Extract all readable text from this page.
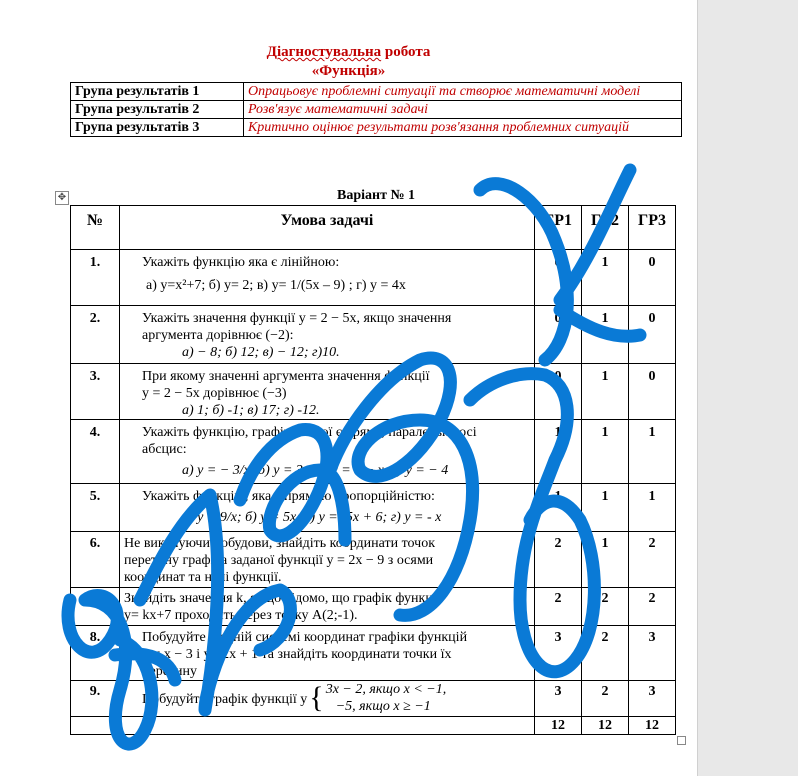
Діагностувальна робота
«Функція»
Група результатів 1	Опрацьовує проблемні ситуації та створює математичні моделі
Група результатів 2	Розв'язує математичні задачі
Група результатів 3	Критично оцінює результати розв'язання проблемних ситуацій
✥	Варіант № 1
№	Умова задачі	ГР1	ГР2	ГР3
1.	Укажіть функцію яка є лінійною:
а) у=х²+7; б) у= 2; в) у= 1/(5х – 9) ; г) у = 4х	0	1	0
2.	Укажіть значення функції y = 2 − 5x, якщо значення
аргумента дорівнює (−2):
а) − 8; б) 12; в) − 12; г)10.	0	1	0
3.	При якому значенні аргумента значення функції
y = 2 − 5x дорівнює (−3)
а) 1; б) -1; в) 17; г) -12.	0	1	0
4.	Укажіть функцію, графіком якої є пряма, паралельна осі
абсцис:
а) y = − 3/x; б) y = 3x; в) y = 6 − x; г) y = − 4	1	1	1
5.	Укажіть функцію, яка є прямою пропорційністю:
а) у = 9/x; б) у = 5х; в) у = -5х + 6; г) у = - х	1	1	1
6.	Не виконуючи побудови, знайдіть координати точок
перетину графіка заданої функції y = 2x − 9 з осями
координат та нулі функції.	2	1	2
7.	Знайдіть значення k, якщо відомо, що графік функції
у= kх+7 проходить через точку А(2;-1).	2	2	2
8.	Побудуйте в одній системі координат графіки функцій
у = х − 3 і у= 2х + 1 та знайдіть координати точки їх
перетину	3	2	3
9.	Побудуйте графік функції y { 3x − 2, якщо x < −1,
−5, якщо x ≥ −1	3	2	3
		12	12	12
